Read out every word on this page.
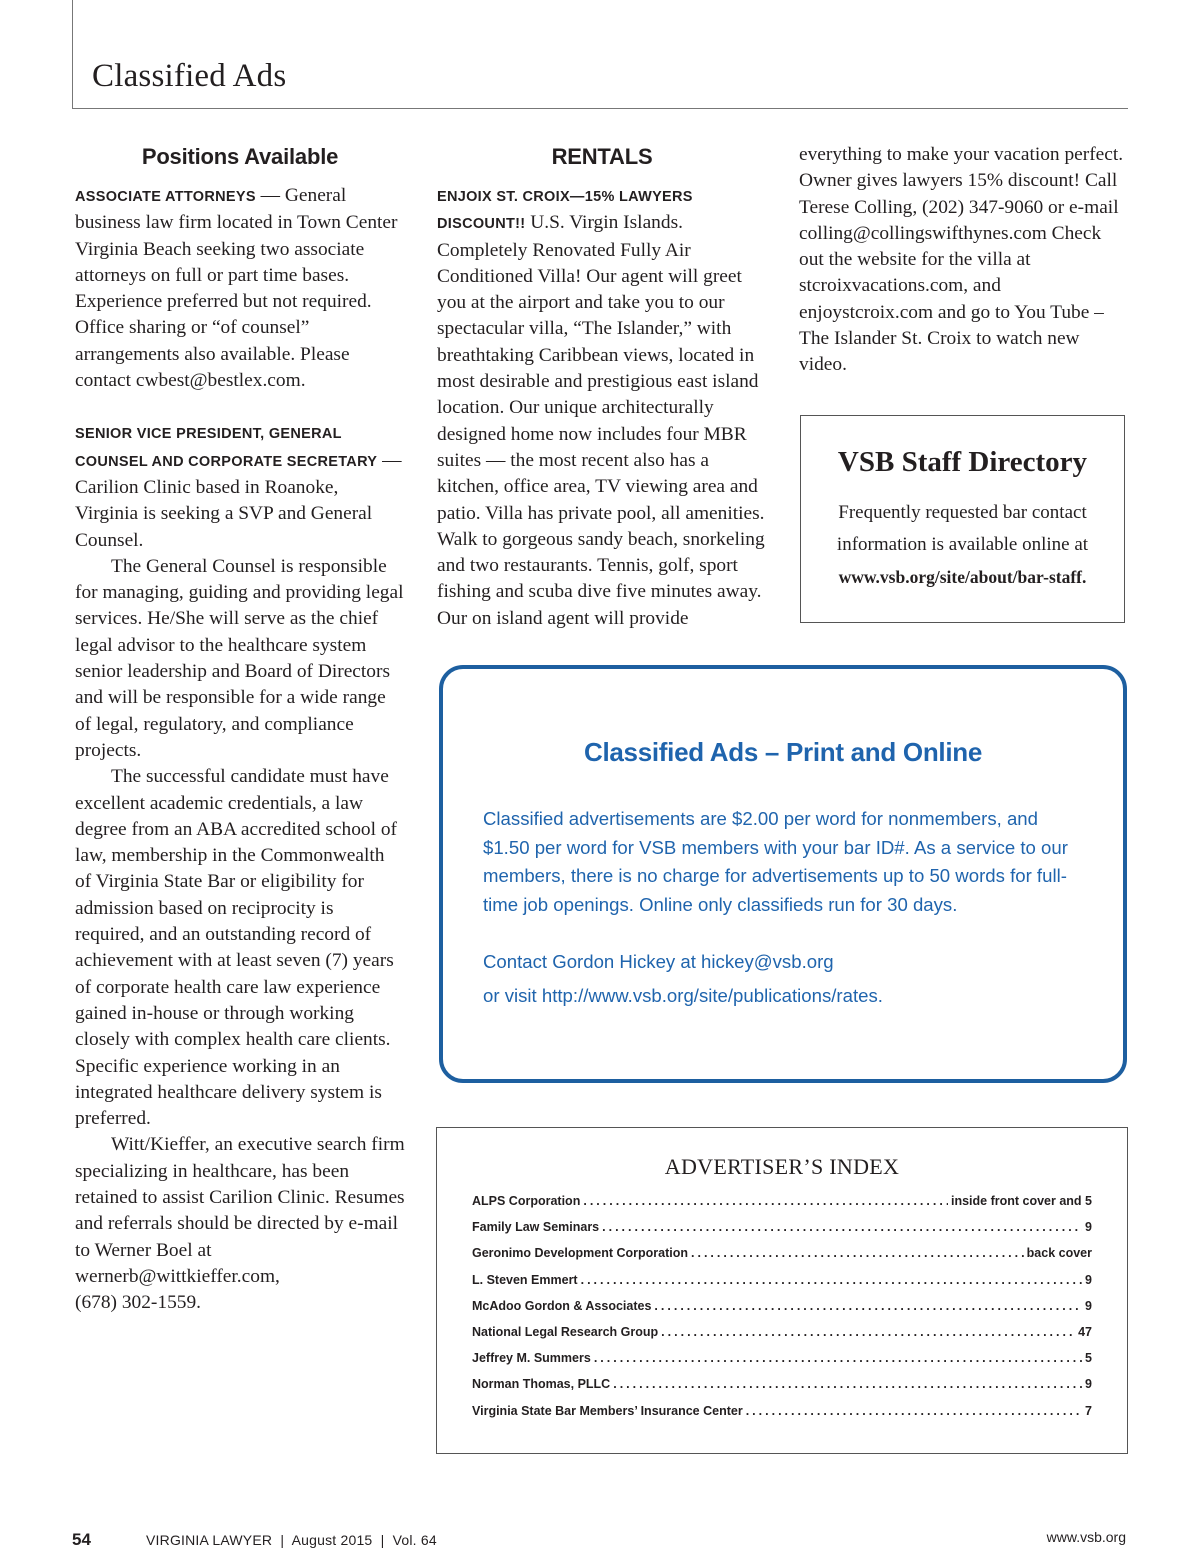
Classified Ads
Positions Available

ASSOCIATE ATTORNEYS — General business law firm located in Town Center Virginia Beach seeking two associate attorneys on full or part time bases. Experience preferred but not required. Office sharing or “of counsel” arrangements also available. Please contact cwbest@bestlex.com.

SENIOR VICE PRESIDENT, GENERAL COUNSEL AND CORPORATE SECRETARY — Carilion Clinic based in Roanoke, Virginia is seeking a SVP and General Counsel.

The General Counsel is responsible for managing, guiding and providing legal services. He/She will serve as the chief legal advisor to the healthcare system senior leadership and Board of Directors and will be responsible for a wide range of legal, regulatory, and compliance projects.

The successful candidate must have excellent academic credentials, a law degree from an ABA accredited school of law, membership in the Commonwealth of Virginia State Bar or eligibility for admission based on reciprocity is required, and an outstanding record of achievement with at least seven (7) years of corporate health care law experience gained in-house or through working closely with complex health care clients. Specific experience working in an integrated healthcare delivery system is preferred.

Witt/Kieffer, an executive search firm specializing in healthcare, has been retained to assist Carilion Clinic. Resumes and referrals should be directed by e-mail to Werner Boel at wernerb@wittkieffer.com,

(678) 302-1559.

RENTALS

ENJOIX ST. CROIX—15% LAWYERS DISCOUNT!! U.S. Virgin Islands. Completely Renovated Fully Air Conditioned Villa! Our agent will greet you at the airport and take you to our spectacular villa, “The Islander,” with breathtaking Caribbean views, located in most desirable and prestigious east island location. Our unique architecturally designed home now includes four MBR suites — the most recent also has a kitchen, office area, TV viewing area and patio. Villa has private pool, all amenities. Walk to gorgeous sandy beach, snorkeling and two restaurants. Tennis, golf, sport fishing and scuba dive five minutes away. Our on island agent will provide

everything to make your vacation perfect. Owner gives lawyers 15% discount! Call Terese Colling, (202) 347-9060 or e-mail colling@collingswifthynes.com Check out the website for the villa at stcroixvacations.com, and enjoystcroix.com and go to You Tube – The Islander St. Croix to watch new video.

VSB Staff Directory

Frequently requested bar contact information is available online at

www.vsb.org/site/about/bar-staff.

Classified Ads – Print and Online

Classified advertisements are $2.00 per word for nonmembers, and $1.50 per word for VSB members with your bar ID#. As a service to our members, there is no charge for advertisements up to 50 words for full-time job openings. Online only classifieds run for 30 days.

Contact Gordon Hickey at hickey@vsb.org

or visit http://www.vsb.org/site/publications/rates.

ADVERTISER’S INDEX

ALPS Corporation .....	inside front cover and 5
Family Law Seminars .....	9
Geronimo Development Corporation .....	back cover
L. Steven Emmert .....	9
McAdoo Gordon & Associates .....	9
National Legal Research Group .....	47
Jeffrey M. Summers .....	5
Norman Thomas, PLLC .....	9
Virginia State Bar Members’ Insurance Center .....	7
54	VIRGINIA LAWYER  |  August 2015  |  Vol. 64	www.vsb.org
